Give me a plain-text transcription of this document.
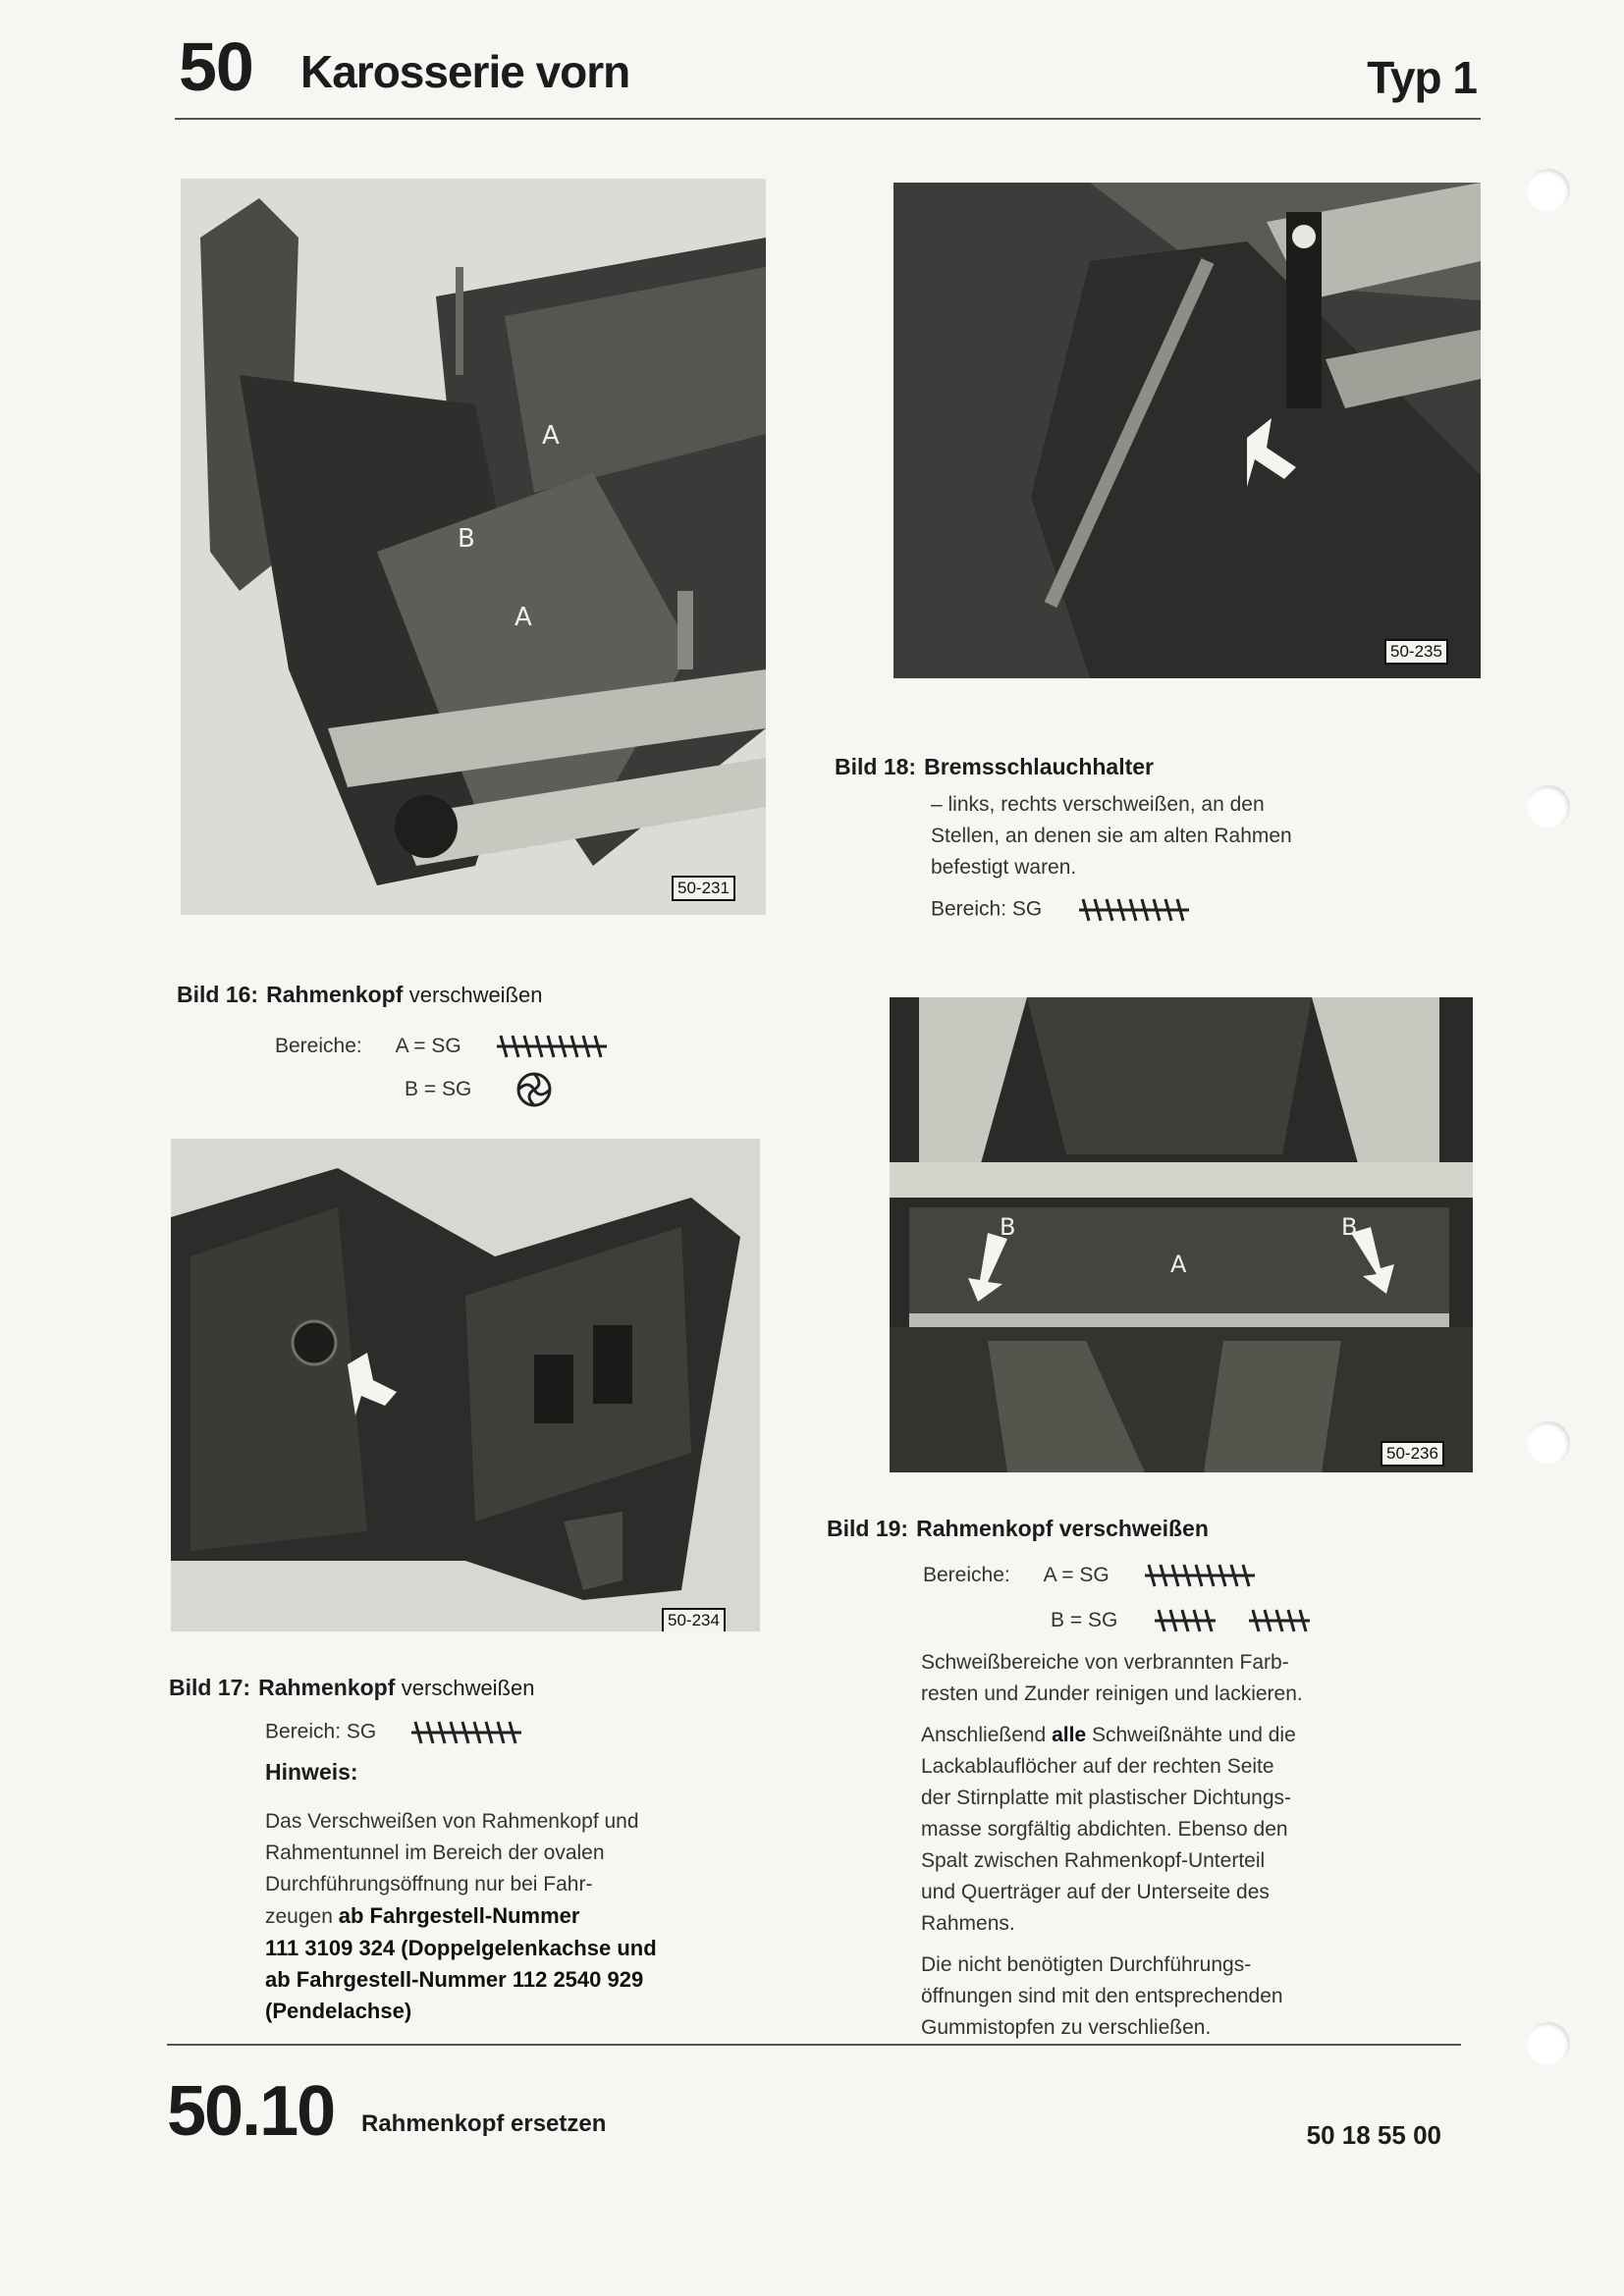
50 Karosserie vorn	Typ 1
A
B
A
50-231
50-235
Bild 18: Bremsschlauchhalter
– links, rechts verschweißen, an den
Stellen, an denen sie am alten Rahmen
befestigt waren.
Bereich: SG
Bild 16: Rahmenkopf verschweißen
Bereiche: A = SG
B = SG
B	B
A
50-236
50-234
Bild 19: Rahmenkopf verschweißen
Bereiche: A = SG
B = SG
Schweißbereiche von verbrannten Farb-
resten und Zunder reinigen und lackieren.
Anschließend alle Schweißnähte und die
Lackablauflöcher auf der rechten Seite
der Stirnplatte mit plastischer Dichtungs-
masse sorgfältig abdichten. Ebenso den
Spalt zwischen Rahmenkopf-Unterteil
und Querträger auf der Unterseite des
Rahmens.
Die nicht benötigten Durchführungs-
öffnungen sind mit den entsprechenden
Gummistopfen zu verschließen.
Bild 17: Rahmenkopf verschweißen
Bereich: SG
Hinweis:
Das Verschweißen von Rahmenkopf und
Rahmentunnel im Bereich der ovalen
Durchführungsöffnung nur bei Fahr-
zeugen ab Fahrgestell-Nummer
111 3109 324 (Doppelgelenkachse und
ab Fahrgestell-Nummer 112 2540 929
(Pendelachse)
50.10 Rahmenkopf ersetzen	50 18 55 00
